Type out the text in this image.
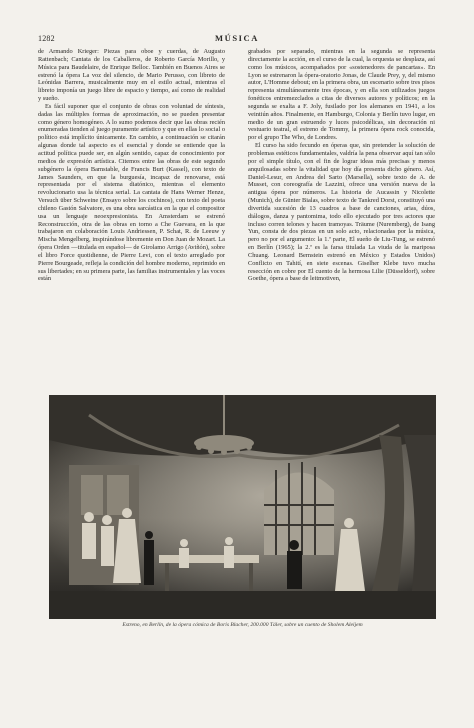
1282	MÚSICA

de Armando Krieger: Piezas para oboe y cuerdas, de Augusto Rattenbach; Cantata de los Caballeros, de Roberto García Morillo, y Música para Baudelaire, de Enrique Belloc. También en Buenos Aires se estrenó la ópera La voz del silencio, de Mario Perusso, con libreto de Leónidas Barrera, musicalmente muy en el estilo actual, mientras el libreto imponía un juego libre de espacio y tiempo, así como de realidad y sueño.

Es fácil suponer que el conjunto de obras con voluntad de síntesis, dadas las múltiples formas de aproximación, no se pueden presentar como género homogéneo. A lo sumo podemos decir que las obras recién enumeradas tienden al juego puramente artístico y que en ellas lo social o político está implícito únicamente. En cambio, a continuación se citarán algunas donde tal aspecto es el esencial y donde se entiende que la actitud política puede ser, en algún sentido, capaz de conocimiento por medios de expresión artística. Citemos entre las obras de este segundo subgénero la ópera Barnstable, de Francis Burt (Kassel), con texto de James Saunders, en que la burguesía, incapaz de renovarse, está representada por el sistema diatónico, mientras el elemento revolucionario usa la técnica serial. La cantata de Hans Werner Henze, Versuch über Schweine (Ensayo sobre los cochinos), con texto del poeta chileno Gastón Salvatore, es una obra sarcástica en la que el compositor usa un lenguaje neoexpresionista. En Amsterdam se estrenó Reconstrucción, otra de las obras en torno a Che Guevara, en la que trabajaron en colaboración Louis Andriessen, P. Schat, R. de Leeuw y Mischa Mengelberg, inspirándose libremente en Don Juan de Mozart. La ópera Orden —titulada en español— de Girolamo Arrigo (Aviñón), sobre el libro Force quotidienne, de Pierre Levi, con el texto arreglado por Pierre Bourgeade, refleja la condición del hombre moderno, reprimido en sus libertades; en su primera parte, las familias instrumentales y las voces están

grabados por separado, mientras en la segunda se representa directamente la acción, en el curso de la cual, la orquesta se desplaza, así como los músicos, acompañados por «sostenedores de pancartas». En Lyon se estrenaron la ópera-oratorio Jonas, de Claude Prey, y, del mismo autor, L'Homme debout; en la primera obra, un escenario sobre tres pisos representa simultáneamente tres épocas, y en ella son utilizados juegos fonéticos entremezclados a citas de diversos autores y políticos; en la segunda se exalta a F. Joly, fusilado por los alemanes en 1941, a los veintiún años. Finalmente, en Hamburgo, Colonia y Berlín tuvo lugar, en medio de un gran estruendo y luces psicodélicas, sin decoración ni vestuario teatral, el estreno de Tommy, la primera ópera rock conocida, por el grupo The Who, de Londres.

El curso ha sido fecundo en óperas que, sin pretender la solución de problemas estéticos fundamentales, valdría la pena observar aquí tan sólo por el simple título, con el fin de lograr ideas más precisas y menos anquilosadas sobre la vitalidad que hoy día presenta dicho género. Así, Daniel-Lesur, en Andrea del Sarto (Marsella), sobre texto de A. de Musset, con coreografía de Lazzini, ofrece una versión nueva de la antigua ópera por números. La historia de Aucassin y Nicolette (Munich), de Günter Bialas, sobre texto de Tankred Dorst, constituyó una divertida sucesión de 13 cuadros a base de canciones, arias, dúos, diálogos, danza y pantomima, todo ello ejecutado por tres actores que incluso corren telones y hacen tramoyas. Träume (Nuremberg), de Isang Yun, consta de dos piezas en un solo acto, relacionadas por la música, pero no por el argumento: la 1.ª parte, El sueño de Liu-Tung, se estrenó en Berlín (1965); la 2.ª es la farsa titulada La viuda de la mariposa Chuang. Leonard Bernstein estrenó en México y Estados Unidos) Conflicto en Tahití, en siete escenas. Giselher Klebe tuvo mucha resección en cobre por El cuento de la hermosa Lilie (Düsseldorf), sobre Goethe, ópera a base de leitmotiven,

Estreno, en Berlín, de la ópera cómica de Boris Blacher, 200.000 Táler, sobre un cuento de Sholem Aleijem
